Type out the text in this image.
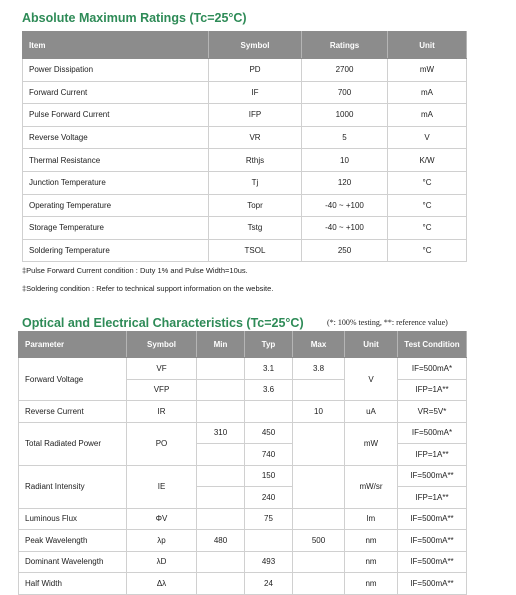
Absolute Maximum Ratings (Tc=25°C)
Item	Symbol	Ratings	Unit
Power Dissipation	PD	2700	mW
Forward Current	IF	700	mA
Pulse Forward Current	IFP	1000	mA
Reverse Voltage	VR	5	V
Thermal Resistance	Rthjs	10	K/W
Junction Temperature	Tj	120	°C
Operating Temperature	Topr	-40 ~ +100	°C
Storage Temperature	Tstg	-40 ~ +100	°C
Soldering Temperature	TSOL	250	°C
‡Pulse Forward Current condition : Duty 1% and Pulse Width=10us.
‡Soldering condition : Refer to technical support information on the website.
Optical and Electrical Characteristics (Tc=25°C)	(*: 100% testing, **: reference value)
Parameter	Symbol	Min	Typ	Max	Unit	Test Condition
Forward Voltage	VF		3.1	3.8	V	IF=500mA*
	VFP		3.6			IFP=1A**
Reverse Current	IR			10	uA	VR=5V*
Total Radiated Power	PO	310	450		mW	IF=500mA*
			740			IFP=1A**
Radiant Intensity	IE		150		mW/sr	IF=500mA**
			240			IFP=1A**
Luminous Flux	ΦV		75		lm	IF=500mA**
Peak Wavelength	λp	480		500	nm	IF=500mA**
Dominant Wavelength	λD		493		nm	IF=500mA**
Half Width	Δλ		24		nm	IF=500mA**
